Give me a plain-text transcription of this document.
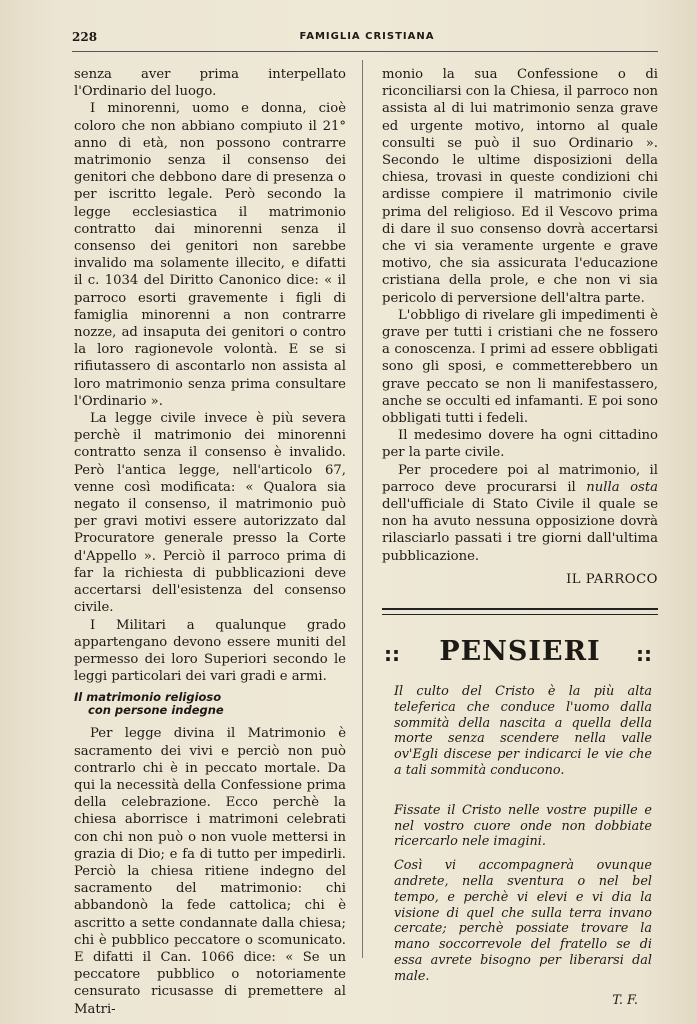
228	FAMIGLIA CRISTIANA

senza aver prima interpellato l'Ordinario del luogo.

I minorenni, uomo e donna, cioè coloro che non abbiano compiuto il 21° anno di età, non possono contrarre matrimonio senza il consenso dei genitori che debbono dare di presenza o per iscritto legale. Però secondo la legge ecclesiastica il matrimonio contratto dai minorenni senza il consenso dei genitori non sarebbe invalido ma solamente illecito, e difatti il c. 1034 del Diritto Canonico dice: « il parroco esorti gravemente i figli di famiglia minorenni a non contrarre nozze, ad insaputa dei genitori o contro la loro ragionevole volontà. E se si rifiutassero di ascontarlo non assista al loro matrimonio senza prima consultare l'Ordinario ».

La legge civile invece è più severa perchè il matrimonio dei minorenni contratto senza il consenso è invalido. Però l'antica legge, nell'articolo 67, venne così modificata: « Qualora sia negato il consenso, il matrimonio può per gravi motivi essere autorizzato dal Procuratore generale presso la Corte d'Appello ». Perciò il parroco prima di far la richiesta di pubblicazioni deve accertarsi dell'esistenza del consenso civile.

I Militari a qualunque grado appartengano devono essere muniti del permesso dei loro Superiori secondo le leggi particolari dei vari gradi e armi.

Il matrimonio religioso
con persone indegne

Per legge divina il Matrimonio è sacramento dei vivi e perciò non può contrarlo chi è in peccato mortale. Da qui la necessità della Confessione prima della celebrazione. Ecco perchè la chiesa aborrisce i matrimoni celebrati con chi non può o non vuole mettersi in grazia di Dio; e fa di tutto per impedirli. Perciò la chiesa ritiene indegno del sacramento del matrimonio: chi abbandonò la fede cattolica; chi è ascritto a sette condannate dalla chiesa; chi è pubblico peccatore o scomunicato. E difatti il Can. 1066 dice: « Se un peccatore pubblico o notoriamente censurato ricusasse di premettere al Matri-

monio la sua Confessione o di riconciliarsi con la Chiesa, il parroco non assista al di lui matrimonio senza grave ed urgente motivo, intorno al quale consulti se può il suo Ordinario ». Secondo le ultime disposizioni della chiesa, trovasi in queste condizioni chi ardisse compiere il matrimonio civile prima del religioso. Ed il Vescovo prima di dare il suo consenso dovrà accertarsi che vi sia veramente urgente e grave motivo, che sia assicurata l'educazione cristiana della prole, e che non vi sia pericolo di perversione dell'altra parte.

L'obbligo di rivelare gli impedimenti è grave per tutti i cristiani che ne fossero a conoscenza. I primi ad essere obbligati sono gli sposi, e commetterebbero un grave peccato se non li manifestassero, anche se occulti ed infamanti. E poi sono obbligati tutti i fedeli.

Il medesimo dovere ha ogni cittadino per la parte civile.

Per procedere poi al matrimonio, il parroco deve procurarsi il nulla osta dell'ufficiale di Stato Civile il quale se non ha avuto nessuna opposizione dovrà rilasciarlo passati i tre giorni dall'ultima pubblicazione.

IL PARROCO
::	PENSIERI	::

Il culto del Cristo è la più alta teleferica che conduce l'uomo dalla sommità della nascita a quella della morte senza scendere nella valle ov'Egli discese per indicarci le vie che a tali sommità conducono.

Fissate il Cristo nelle vostre pupille e nel vostro cuore onde non dobbiate ricercarlo nele imagini.

Così vi accompagnerà ovunque andrete, nella sventura o nel bel tempo, e perchè vi elevi e vi dia la visione di quel che sulla terra invano cercate; perchè possiate trovare la mano soccorrevole del fratello se di essa avrete bisogno per liberarsi dal male.

T. F.
